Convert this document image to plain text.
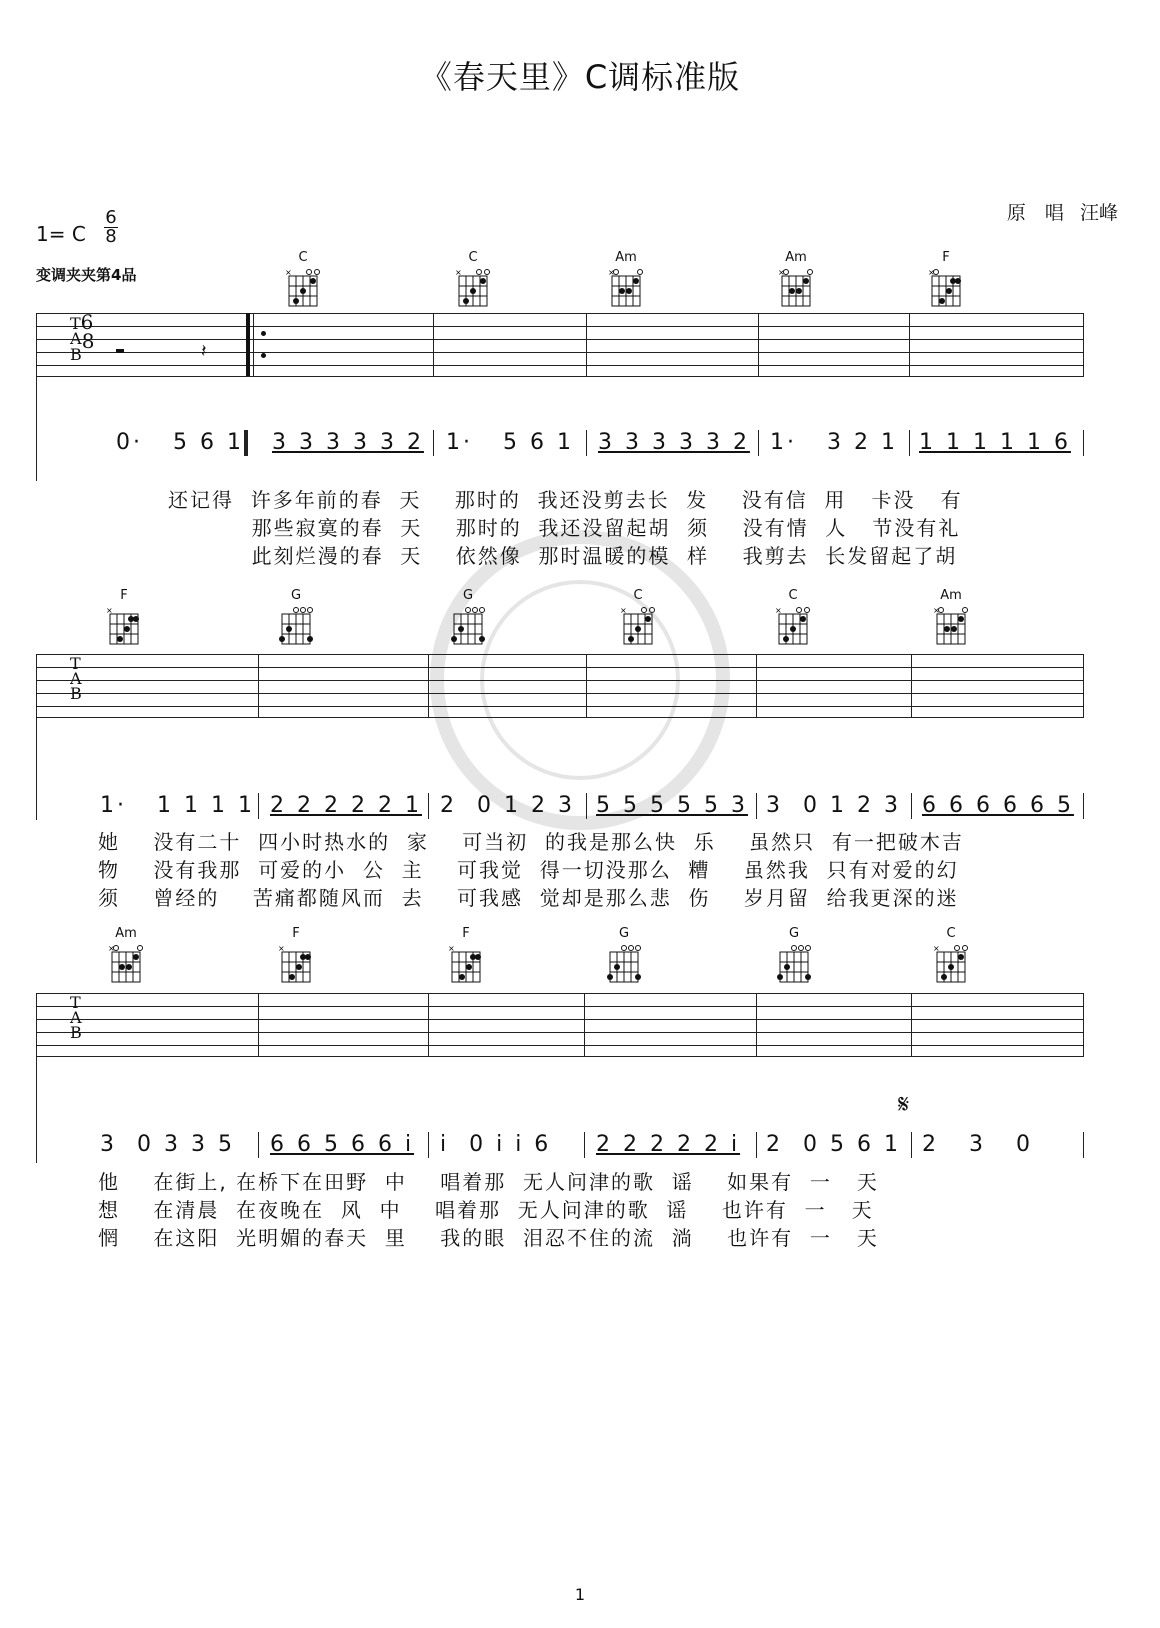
《春天里》C调标准版
原　唱 汪峰
1= C
6
8
变调夹夹第4品
C
×
C
×
Am
×
Am
×
F
×
T6
A
B8	𝄽
0·   5 6 1 3 3 3 3 3 2 1·   5 6 1 3 3 3 3 3 2 1·   3 2 1 1 1 1 1 1 6
还记得  许多年前的春  天    那时的  我还没剪去长  发    没有信  用   卡没   有
那些寂寞的春  天    那时的  我还没留起胡  须    没有情  人   节没有礼
此刻烂漫的春  天    依然像  那时温暖的模  样    我剪去  长发留起了胡
F
×
G	G	C
×
C
×
Am
×
T
A
B
1·   1 1 1 1 2 2 2 2 2 1 2  0 1 2 3 5 5 5 5 5 3 3  0 1 2 3 6 6 6 6 6 5
她    没有二十  四小时热水的  家    可当初  的我是那么快  乐    虽然只  有一把破木吉
物    没有我那  可爱的小  公  主    可我觉  得一切没那么  糟    虽然我  只有对爱的幻
须    曾经的    苦痛都随风而  去    可我感  觉却是那么悲  伤    岁月留  给我更深的迷
Am
×
F
×
F
×
G	G	C
×
T
A
B
𝄋
3  0 3 3 5 6 6 5 6 6 i i  0 i i 6 2 2 2 2 2 i 2  0 5 6 1 2   3   0
他    在街上, 在桥下在田野  中    唱着那  无人问津的歌  谣    如果有  一   天
想    在清晨  在夜晚在  风  中    唱着那  无人问津的歌  谣    也许有  一   天
惘    在这阳  光明媚的春天  里    我的眼  泪忍不住的流  淌    也许有  一   天
1
